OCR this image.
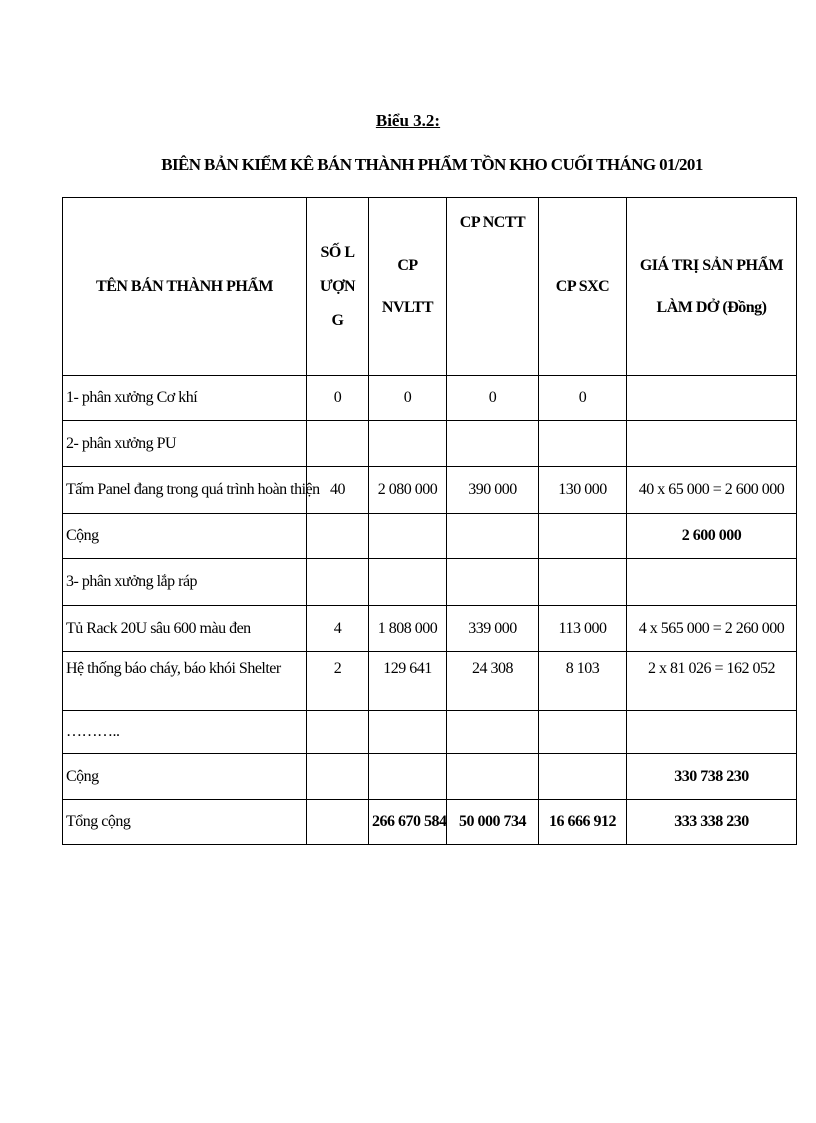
Biểu 3.2:
BIÊN BẢN KIỂM KÊ BÁN THÀNH PHẨM TỒN KHO CUỐI THÁNG 01/201
TÊN BÁN THÀNH PHẨM	SỐ LƯỢNG	CP NVLTT	CP NCTT	CP SXC	GIÁ TRỊ SẢN PHẨM LÀM DỞ (Đồng)
1- phân xưởng Cơ khí	0	0	0	0	
2- phân xưởng PU					
Tấm Panel đang trong quá trình hoàn thiện	40	2 080 000	390 000	130 000	40 x 65 000 = 2 600 000
Cộng					2 600 000
3- phân xưởng lắp ráp					
Tủ Rack 20U sâu 600 màu đen	4	1 808 000	339 000	113 000	4 x 565 000 = 2 260 000
Hệ thống báo cháy, báo khói Shelter	2	129 641	24 308	8 103	2 x 81 026 = 162 052
………..					
Cộng					330 738 230
Tổng cộng		266 670 584	50 000 734	16 666 912	333 338 230
